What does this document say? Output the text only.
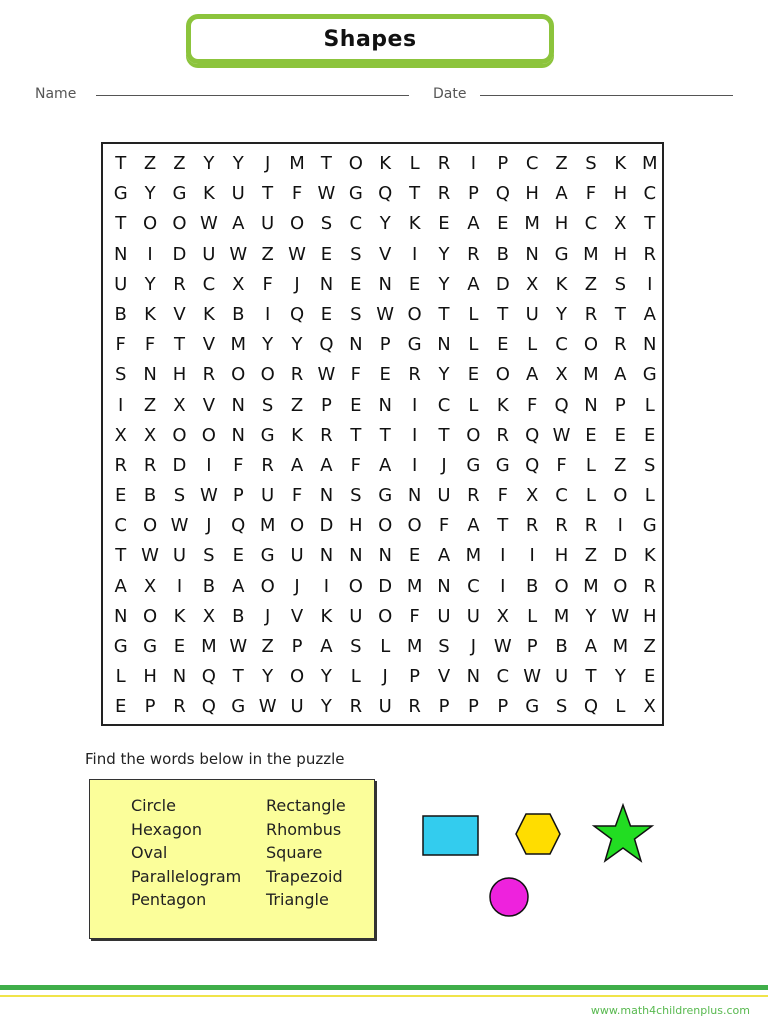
Shapes
Name	Date
T Z Z Y	Y	J	M T O K	L	R	I	P C Z S K M
G Y G K U T	F W G Q T R P Q H A	F H C
T O O W A U O S C Y K E A E M H C X T
N	I	D U W Z W E S V	I	Y R B N G M H R
U Y R C X	F	J	N E N E	Y A D X K Z S	I
B K V K B	I	Q E S W O T	L	T U Y R T A
F	F	T V M Y	Y Q N P G N L	E	L	C O R N
S N H R O O R W F	E R Y	E O A X M A G
I	Z X V N S Z P	E N	I	C	L	K	F Q N P	L
X X O O N G K R T	T	I	T O R Q W E	E	E
R R D	I	F R A A	F	A	I	J	G G Q F	L	Z S
E B S W P U F N S G N U R F	X C	L O L
C O W J	Q M O D H O O F	A T R R R	I	G
T W U S E G U N N N E A M	I	I	H Z D K
A X	I	B A O	J	I	O D M N C	I	B O M O R
N O K X B	J	V K U O F U U X	L M Y W H
G G E M W Z P A S	L M S	J W P B A M Z
L H N Q T	Y O Y	L	J	P V N C W U T	Y	E
E	P R Q G W U Y R U R P	P	P G S Q L	X
Find the words below in the puzzle
Circle
Hexagon
Oval
Parallelogram
Pentagon
Rectangle
Rhombus
Square
Trapezoid
Triangle
www.math4childrenplus.com
